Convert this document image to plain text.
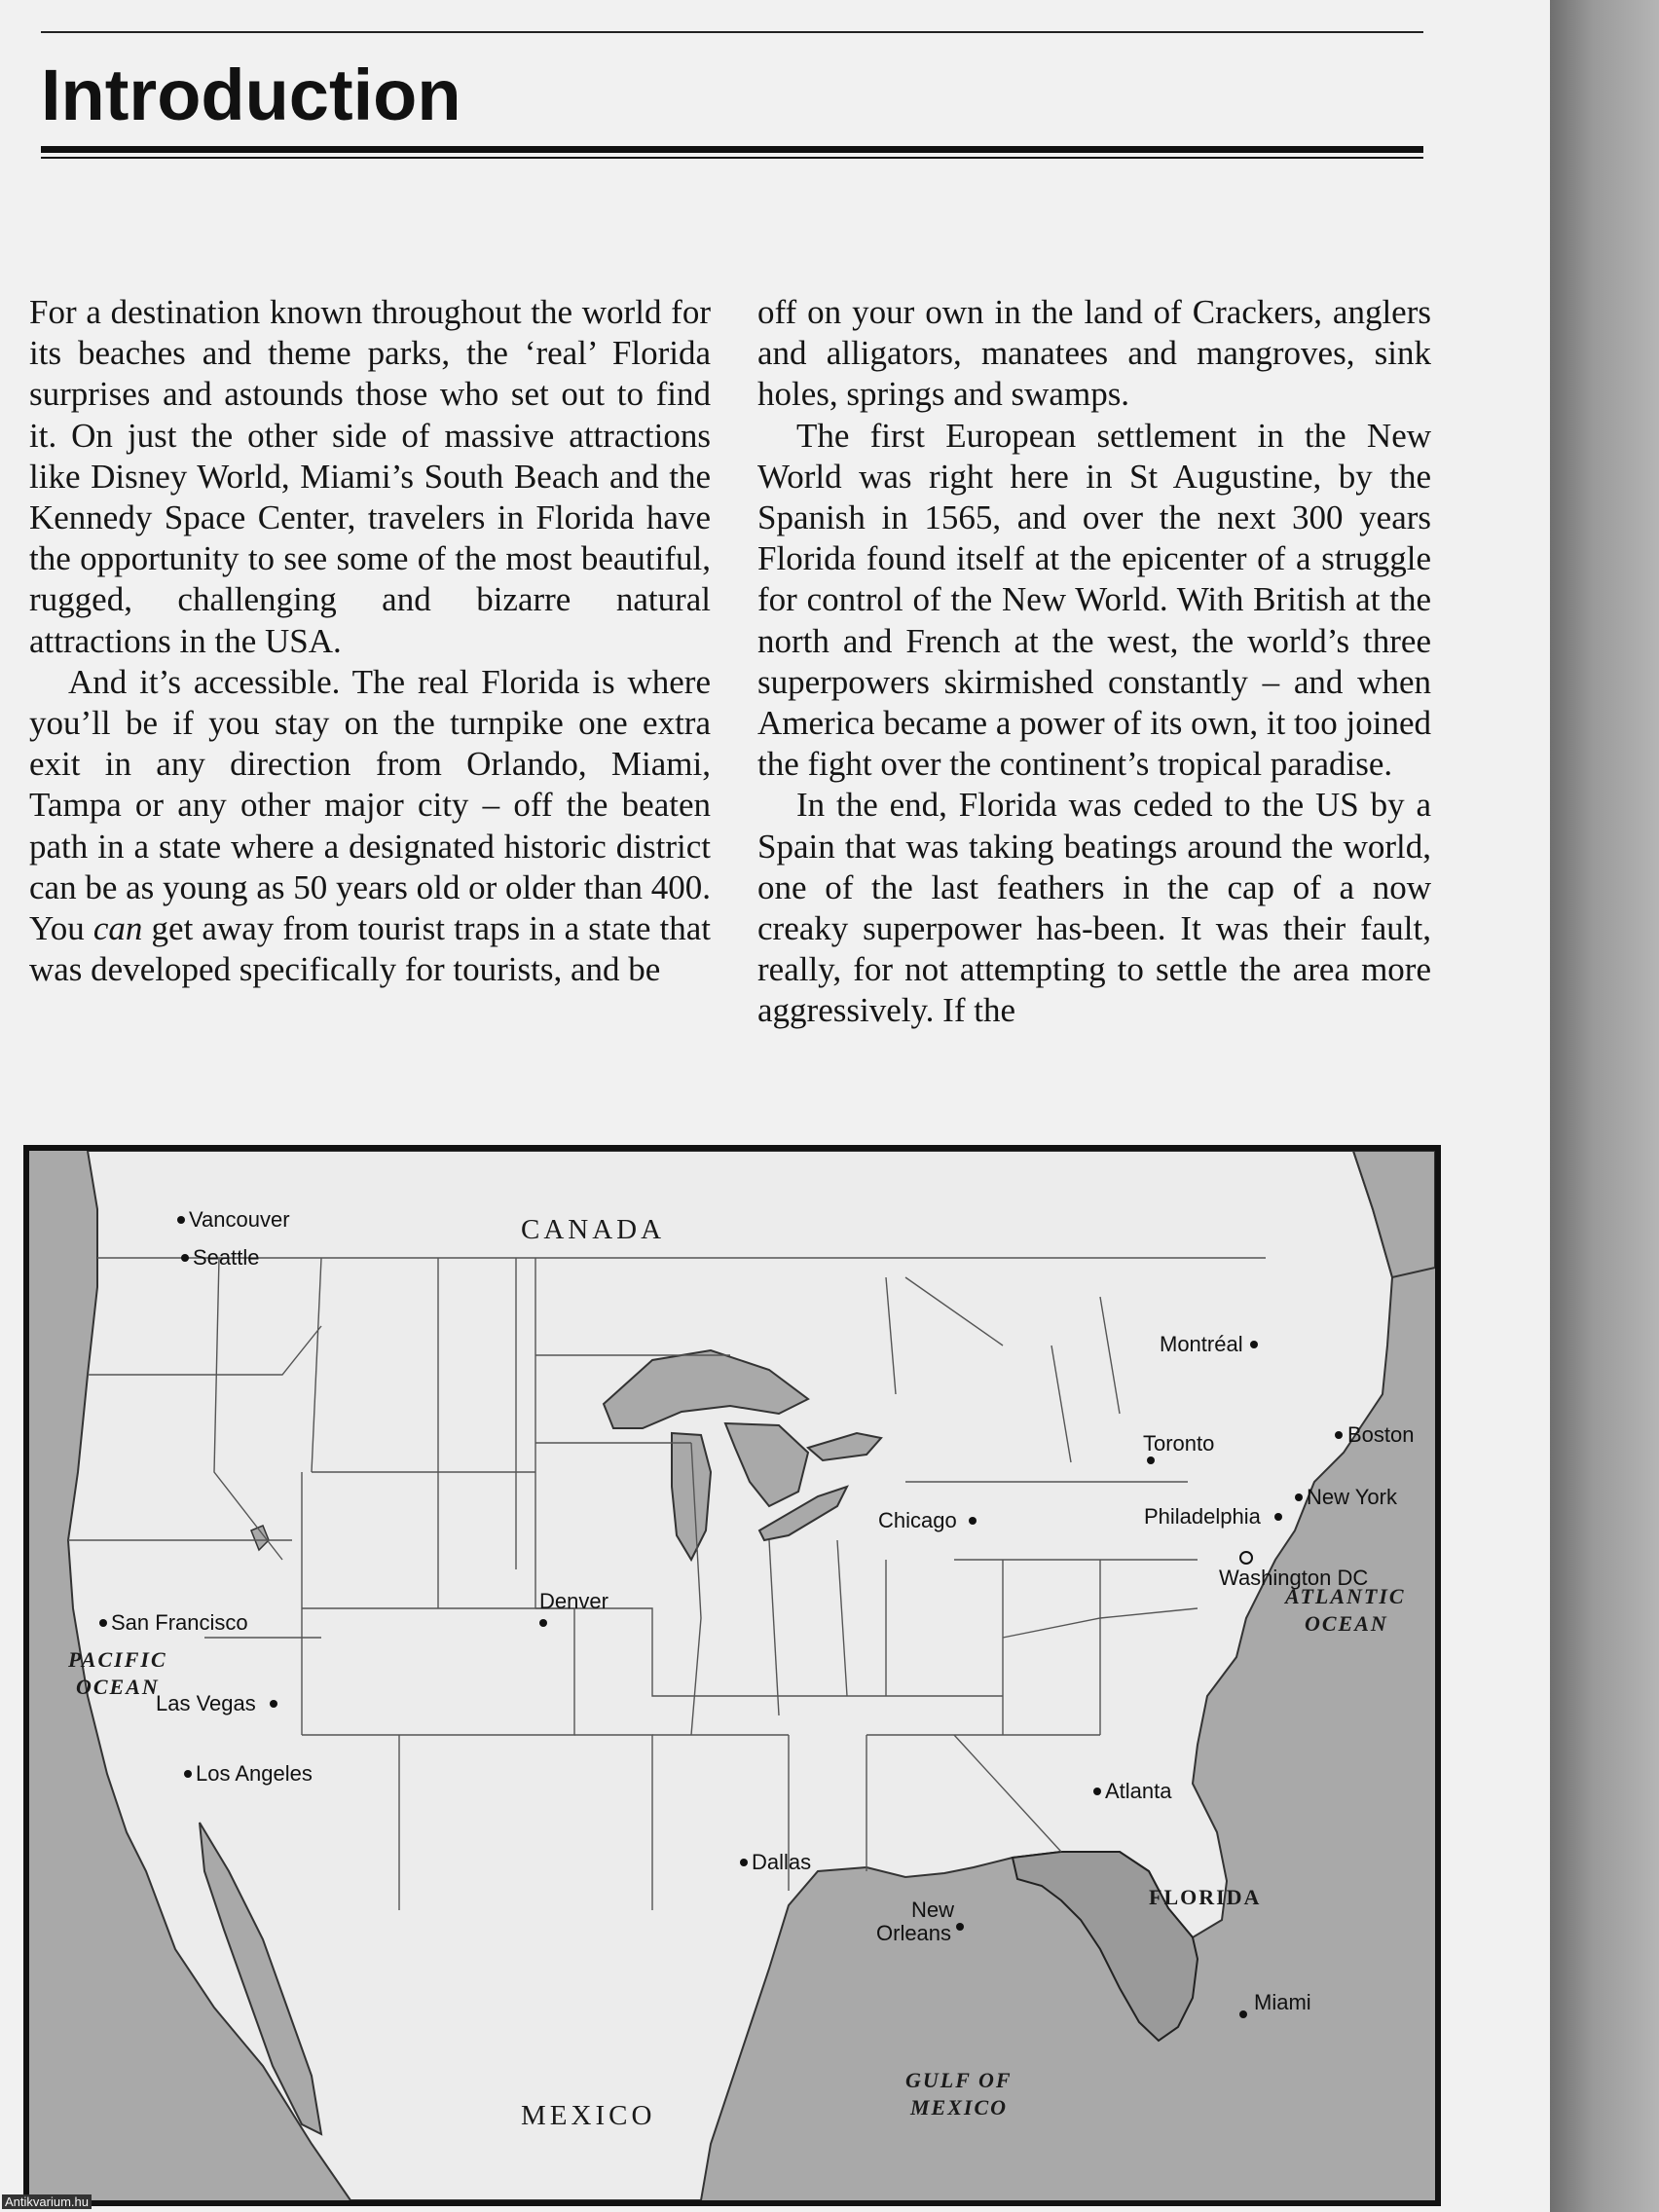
Introduction

For a destination known throughout the world for its beaches and theme parks, the ‘real’ Florida surprises and astounds those who set out to find it. On just the other side of massive attractions like Disney World, Miami’s South Beach and the Kennedy Space Center, travelers in Florida have the opportunity to see some of the most beautiful, rugged, challenging and bizarre natural attractions in the USA.

And it’s accessible. The real Florida is where you’ll be if you stay on the turnpike one extra exit in any direction from Orlando, Miami, Tampa or any other major city – off the beaten path in a state where a designated historic district can be as young as 50 years old or older than 400. You can get away from tourist traps in a state that was developed specifically for tourists, and be

off on your own in the land of Crackers, anglers and alligators, manatees and mangroves, sink holes, springs and swamps.

The first European settlement in the New World was right here in St Augustine, by the Spanish in 1565, and over the next 300 years Florida found itself at the epicenter of a struggle for control of the New World. With British at the north and French at the west, the world’s three superpowers skirmished constantly – and when America became a power of its own, it too joined the fight over the continent’s tropical paradise.

In the end, Florida was ceded to the US by a Spain that was taking beatings around the world, one of the last feathers in the cap of a now creaky superpower has-been. It was their fault, really, for not attempting to settle the area more aggressively. If the

PACIFIC
OCEAN
ATLANTIC
OCEAN
GULF OF
MEXICO
CANADA
MEXICO
FLORIDA
Vancouver
Seattle
San Francisco
Las Vegas
Los Angeles
Denver
Dallas
New
Orleans
Chicago
Toronto
Montréal
Boston
New York
Philadelphia
Washington DC
Atlanta
Miami
Antikvarium.hu
